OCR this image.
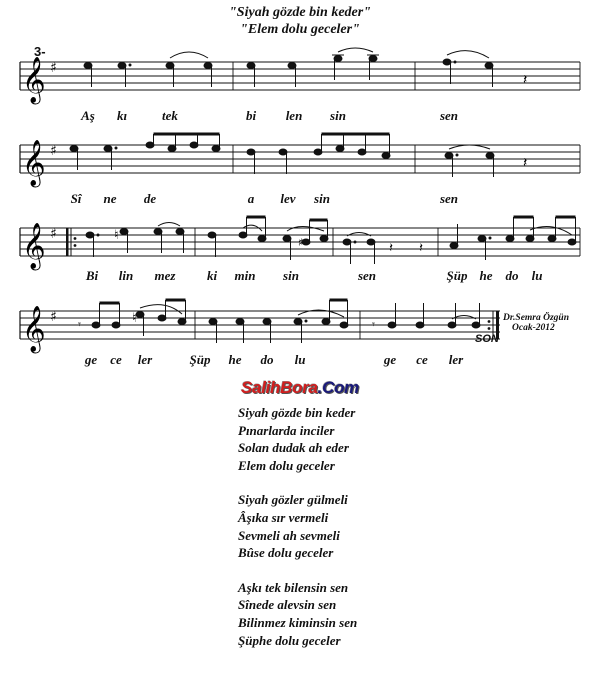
"Siyah gözde bin keder"
"Elem dolu geceler"
3-
𝄞 ♯
𝄽
𝄞 ♯
𝄽
𝄞 ♯	♮	♯	𝄽 𝄽
𝄞 ♯ 𝄾	𝄾
♮
Aş kı	tek	bi len sin	sen
Sî ne de	a lev sin	sen
Bi lin mez ki min sin	sen	Şüp he do lu
ge ce ler	Şüp he do lu	ge ce ler
Dr.Semra Özgün
Ocak-2012
SON
SalihBora.Com
Siyah gözde bin keder
Pınarlarda inciler
Solan dudak ah eder
Elem dolu geceler
Siyah gözler gülmeli
Âşıka sır vermeli
Sevmeli ah sevmeli
Bûse dolu geceler
Aşkı tek bilensin sen
Sînede alevsin sen
Bilinmez kiminsin sen
Şüphe dolu geceler
